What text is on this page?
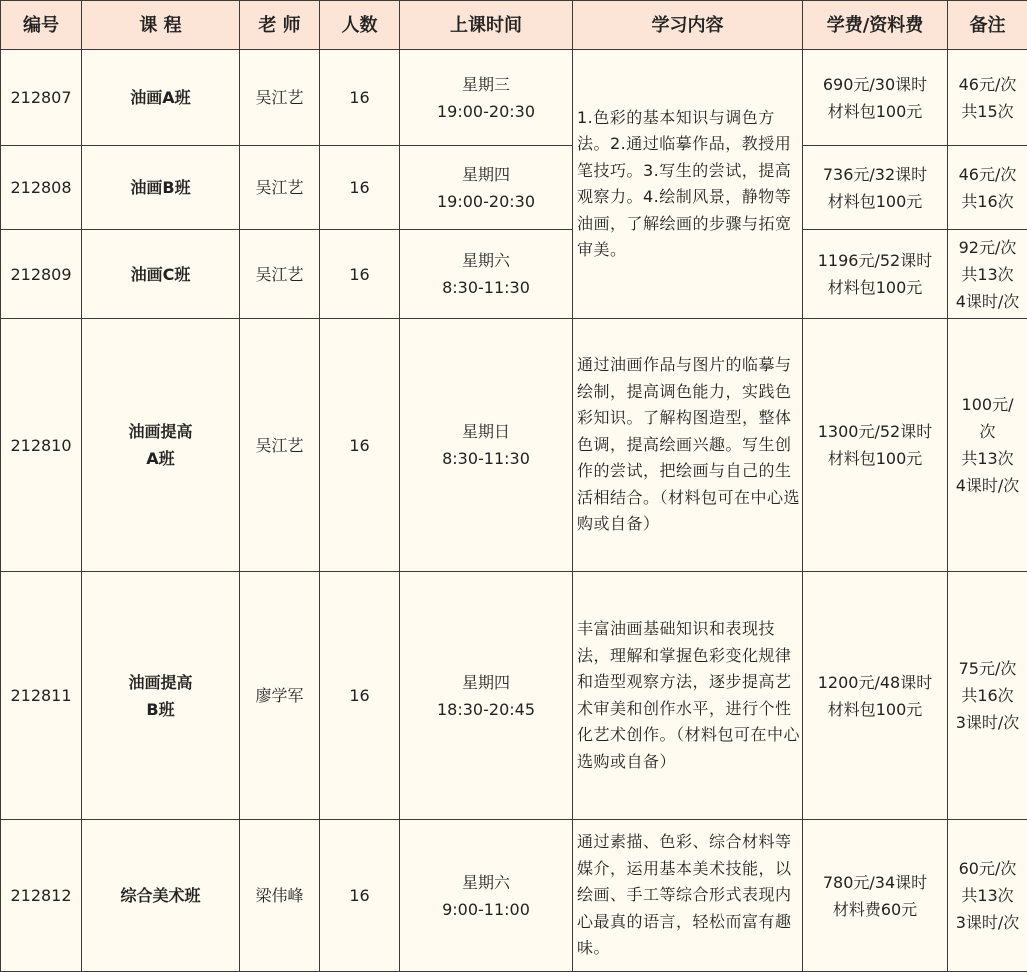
编号	课 程	老 师	人数	上课时间	学习内容	学费/资料费	备注
212807	油画A班	吴江艺	16	星期三
19:00-20:30	1.色彩的基本知识与调色方法。2.通过临摹作品，教授用笔技巧。3.写生的尝试，提高观察力。4.绘制风景，静物等油画，了解绘画的步骤与拓宽审美。	690元/30课时
材料包100元	46元/次
共15次

212808	油画B班	吴江艺	16	星期四
19:00-20:30		736元/32课时
材料包100元	46元/次
共16次

212809	油画C班	吴江艺	16	星期六
8:30-11:30		1196元/52课时
材料包100元	92元/次
共13次
4课时/次

212810	油画提高
A班	吴江艺	16	星期日
8:30-11:30	通过油画作品与图片的临摹与绘制，提高调色能力，实践色彩知识。了解构图造型，整体色调，提高绘画兴趣。写生创作的尝试，把绘画与自己的生活相结合。（材料包可在中心选购或自备）	1300元/52课时
材料包100元	100元/
次
共13次
4课时/次

212811	油画提高
B班	廖学军	16	星期四
18:30-20:45	丰富油画基础知识和表现技法，理解和掌握色彩变化规律和造型观察方法，逐步提高艺术审美和创作水平，进行个性化艺术创作。（材料包可在中心选购或自备）	1200元/48课时
材料包100元	75元/次
共16次
3课时/次

212812	综合美术班	梁伟峰	16	星期六
9:00-11:00	通过素描、色彩、综合材料等媒介，运用基本美术技能，以绘画、手工等综合形式表现内心最真的语言，轻松而富有趣味。	780元/34课时
材料费60元	60元/次
共13次
3课时/次
